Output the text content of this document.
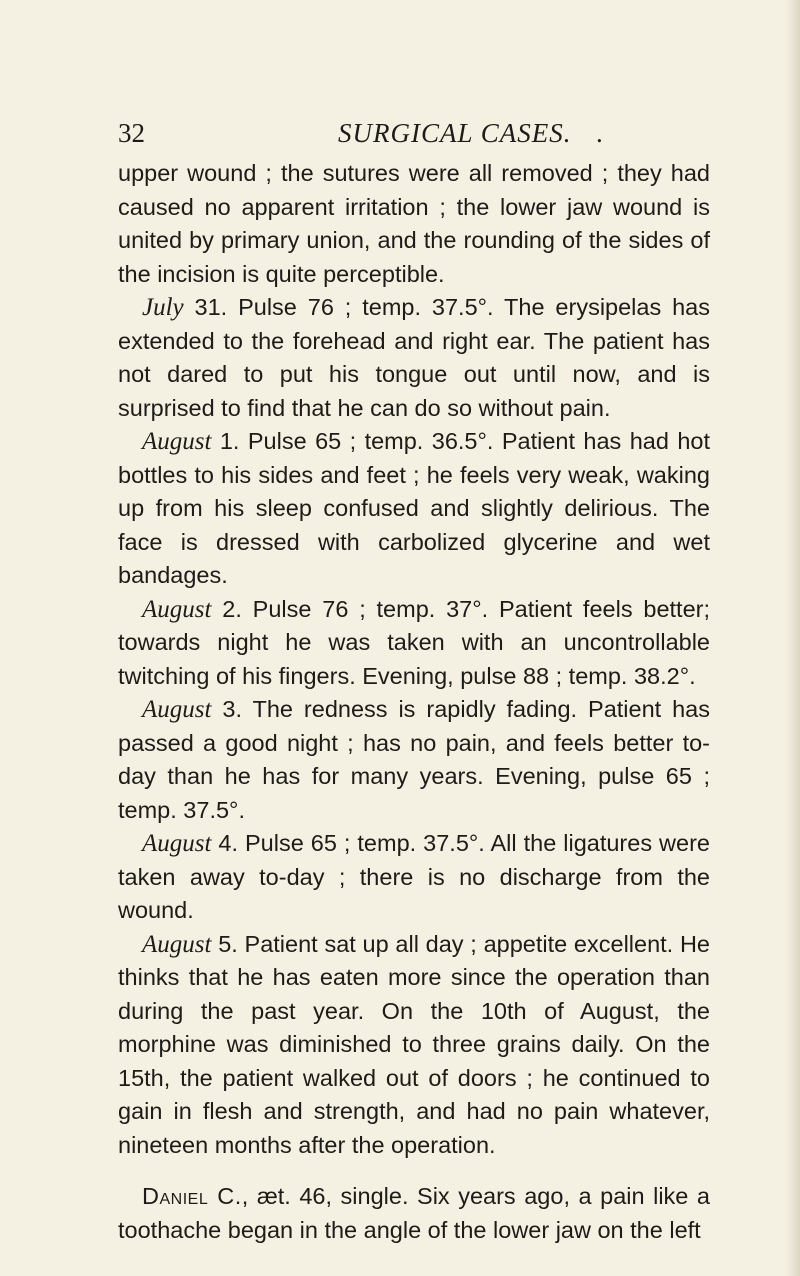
32	SURGICAL CASES. .

upper wound ; the sutures were all removed ; they had caused no apparent irritation ; the lower jaw wound is united by primary union, and the rounding of the sides of the incision is quite perceptible.

July 31. Pulse 76 ; temp. 37.5°. The erysipelas has extended to the forehead and right ear. The patient has not dared to put his tongue out until now, and is surprised to find that he can do so without pain.

August 1. Pulse 65 ; temp. 36.5°. Patient has had hot bottles to his sides and feet ; he feels very weak, waking up from his sleep confused and slightly delirious. The face is dressed with carbolized glycerine and wet bandages.

August 2. Pulse 76 ; temp. 37°. Patient feels better; towards night he was taken with an uncontrollable twitching of his fingers. Evening, pulse 88 ; temp. 38.2°.

August 3. The redness is rapidly fading. Patient has passed a good night ; has no pain, and feels better to-day than he has for many years. Evening, pulse 65 ; temp. 37.5°.

August 4. Pulse 65 ; temp. 37.5°. All the ligatures were taken away to-day ; there is no discharge from the wound.

August 5. Patient sat up all day ; appetite excellent. He thinks that he has eaten more since the operation than during the past year. On the 10th of August, the morphine was diminished to three grains daily. On the 15th, the patient walked out of doors ; he continued to gain in flesh and strength, and had no pain whatever, nineteen months after the operation.

Daniel C., æt. 46, single. Six years ago, a pain like a toothache began in the angle of the lower jaw on the left
